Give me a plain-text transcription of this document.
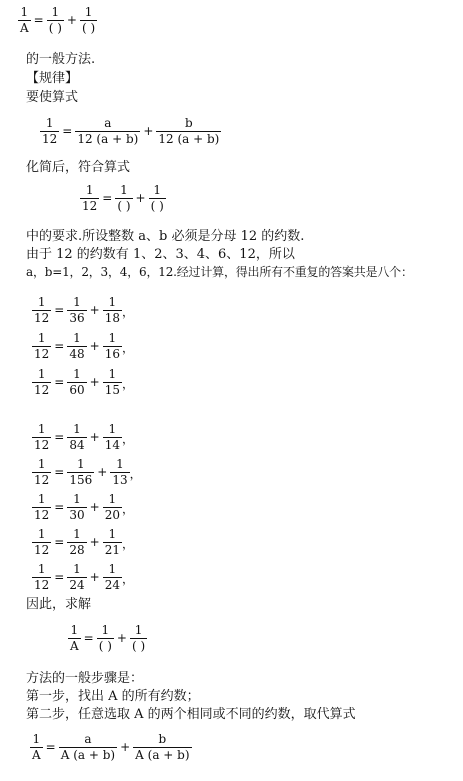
$\frac{1}{A} = \frac{1}{( )} + \frac{1}{( )}$
的一般方法.
【规律】
要使算式
$\frac{1}{12} = \frac{a}{12 (a + b)} + \frac{b}{12 (a + b)}$
化简后，符合算式
$\frac{1}{12} = \frac{1}{( )} + \frac{1}{( )}$
中的要求.所设整数 a、b 必须是分母 12 的约数.
由于 12 的约数有 1、2、3、4、6、12，所以
a，b=1，2，3，4，6，12.经过计算，得出所有不重复的答案共是八个：
$\frac{1}{12} = \frac{1}{36} + \frac{1}{18}$ ，
$\frac{1}{12} = \frac{1}{48} + \frac{1}{16}$ ，
$\frac{1}{12} = \frac{1}{60} + \frac{1}{15}$ ，
$\frac{1}{12} = \frac{1}{84} + \frac{1}{14}$ ，
$\frac{1}{12} = \frac{1}{156} + \frac{1}{13}$ ，
$\frac{1}{12} = \frac{1}{30} + \frac{1}{20}$ ，
$\frac{1}{12} = \frac{1}{28} + \frac{1}{21}$ ，
$\frac{1}{12} = \frac{1}{24} + \frac{1}{24}$ ，
因此，求解
$\frac{1}{A} = \frac{1}{( )} + \frac{1}{( )}$
方法的一般步骤是：
第一步，找出 A 的所有约数；
第二步，任意选取 A 的两个相同或不同的约数，取代算式
$\frac{1}{A} = \frac{a}{A (a + b)} + \frac{b}{A (a + b)}$
